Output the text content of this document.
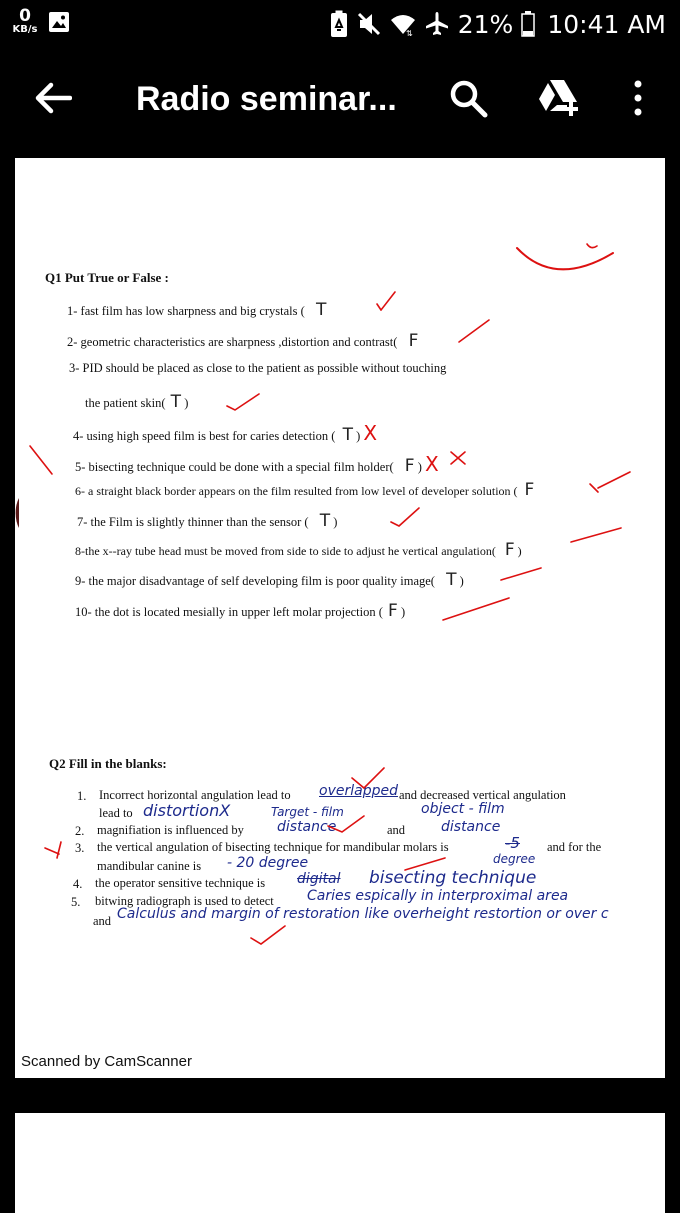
0
KB/s	⇅ 21% 10:41 AM
Radio seminar...
Q1 Put True or False :
1- fast film has low sharpness and big crystals ( T
2- geometric characteristics are sharpness ,distortion and contrast( F
3- PID should be placed as close to the patient as possible without touching
the patient skin( T )
4- using high speed film is best for caries detection ( T ) X
5- bisecting technique could be done with a special film holder( F ) X
6- a straight black border appears on the film resulted from low level of developer solution ( F
7- the Film is slightly thinner than the sensor ( T )
8-the x--ray tube head must be moved from side to side to adjust he vertical angulation( F )
9- the major disadvantage of self developing film is poor quality image( T )
10- the dot is located mesially in upper left molar projection ( F )
Q2 Fill in the blanks:
1. Incorrect horizontal angulation lead to overlapped and decreased vertical angulation
lead to distortionX	Target - film	object - film
2. magnifiation is influenced by distance	and	distance
3. the vertical angulation of bisecting technique for mandibular molars is	-5 and for the
degree
mandibular canine is - 20 degree
4. the operator sensitive technique is digital bisecting technique
5. bitwing radiograph is used to detect Caries espically in interproximal area
and Calculus and margin of restoration like overheight restortion or over c
Scanned by CamScanner
